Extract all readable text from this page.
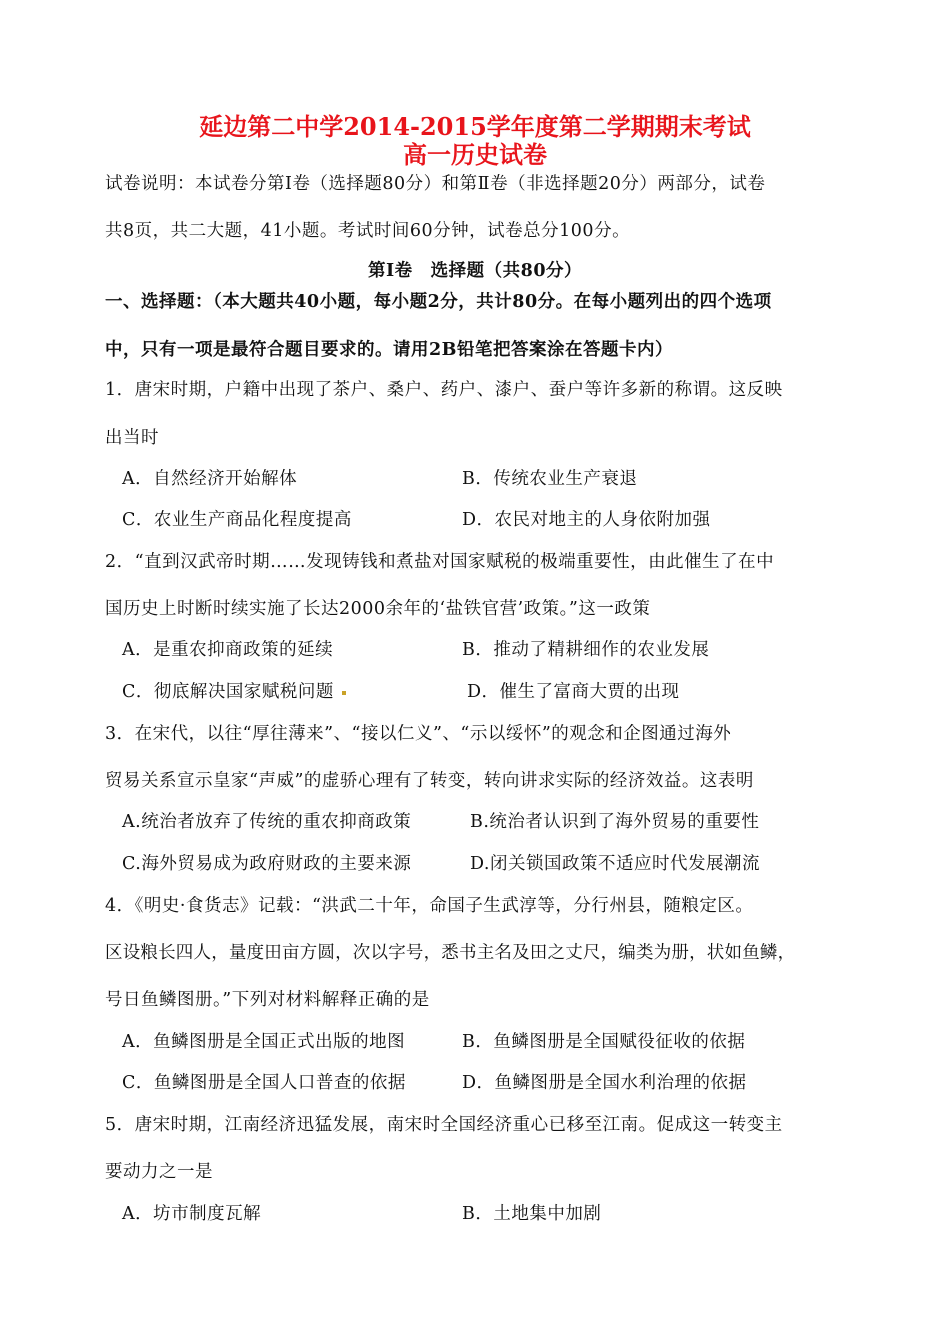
延边第二中学2014-2015学年度第二学期期末考试
高一历史试卷
试卷说明：本试卷分第Ⅰ卷（选择题80分）和第Ⅱ卷（非选择题20分）两部分，试卷
共8页，共二大题，41小题。考试时间60分钟，试卷总分100分。
第Ⅰ卷　选择题（共80分）
一、选择题：（本大题共40小题，每小题2分，共计80分。在每小题列出的四个选项
中，只有一项是最符合题目要求的。请用2B铅笔把答案涂在答题卡内）
1．唐宋时期，户籍中出现了茶户、桑户、药户、漆户、蚕户等许多新的称谓。这反映
出当时
A．自然经济开始解体	B．传统农业生产衰退
C．农业生产商品化程度提高	D．农民对地主的人身依附加强
2．“直到汉武帝时期……发现铸钱和煮盐对国家赋税的极端重要性，由此催生了在中
国历史上时断时续实施了长达2000余年的‘盐铁官营’政策。”这一政策
A．是重农抑商政策的延续	B．推动了精耕细作的农业发展
C．彻底解决国家赋税问题	D．催生了富商大贾的出现
3．在宋代，以往“厚往薄来”、“接以仁义”、“示以绥怀”的观念和企图通过海外
贸易关系宣示皇家“声威”的虚骄心理有了转变，转向讲求实际的经济效益。这表明
A.统治者放弃了传统的重农抑商政策	B.统治者认识到了海外贸易的重要性
C.海外贸易成为政府财政的主要来源	D.闭关锁国政策不适应时代发展潮流
4．《明史·食货志》记载：“洪武二十年，命国子生武淳等，分行州县，随粮定区。
区设粮长四人，量度田亩方圆，次以字号，悉书主名及田之丈尺，编类为册，状如鱼鳞，
号日鱼鳞图册。”下列对材料解释正确的是
A．鱼鳞图册是全国正式出版的地图	B．鱼鳞图册是全国赋役征收的依据
C．鱼鳞图册是全国人口普查的依据	D．鱼鳞图册是全国水利治理的依据
5．唐宋时期，江南经济迅猛发展，南宋时全国经济重心已移至江南。促成这一转变主
要动力之一是
A．坊市制度瓦解	B．土地集中加剧
